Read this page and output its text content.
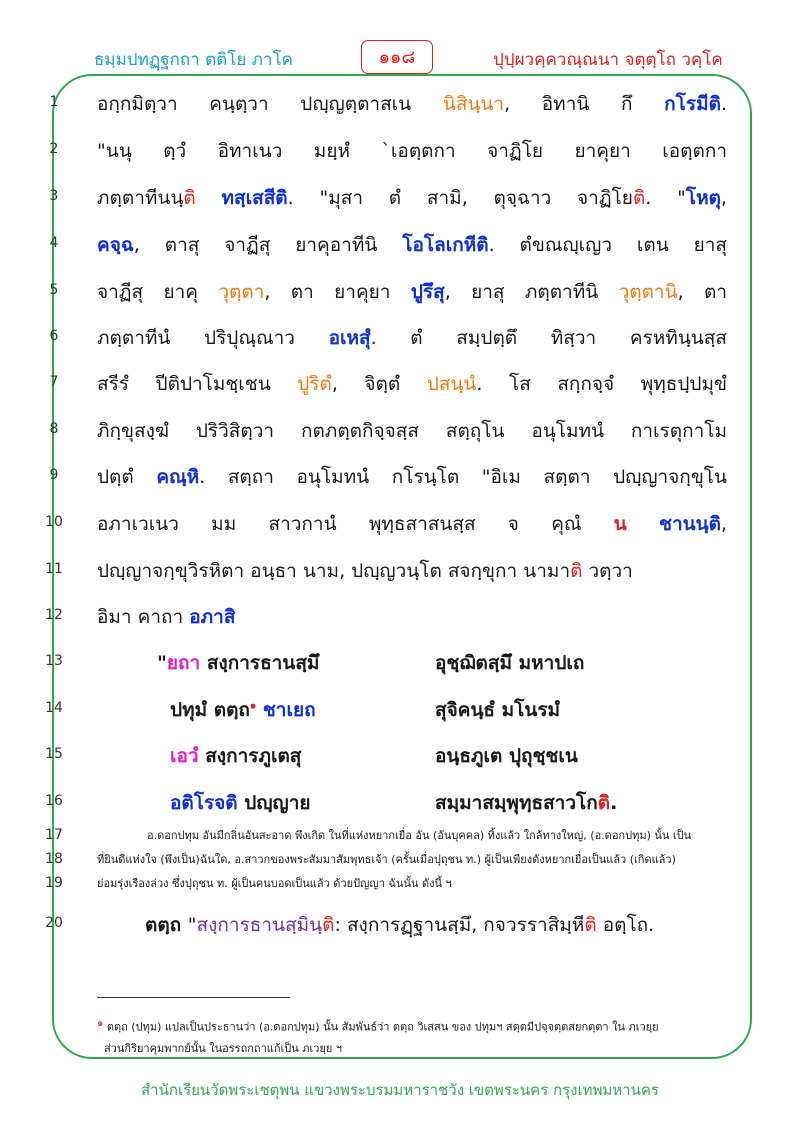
ธมฺมปทฏฺฐกถา ตติโย ภาโค	๑๑๘	ปุปฺผวคฺควณฺณนา จตุตฺโถ วคฺโค
1
2
3
4
5
6
7
8
9
10
11
12
13
14
15
16
17
18
19
20
อกฺกมิตฺวา คนฺตฺวา ปญฺญตฺตาสเน นิสินฺนา, อิทานิ กึ กโรมีติ.
"นนุ ตฺวํ อิทาเนว มยฺหํ `เอตฺตกา จาฏิโย ยาคุยา เอตฺตกา
ภตฺตาทีนนฺติ ทสฺเสสีติ. "มุสา ตํ สามิ, ตุจฺฉาว จาฏิโยติ. "โหตุ,
คจฺฉ, ตาสุ จาฏีสุ ยาคุอาทีนิ โอโลเกหีติ. ตํขณญฺเญว เตน ยาสุ
จาฏีสุ ยาคุ วุตฺตา, ตา ยาคุยา ปูรึสุ, ยาสุ ภตฺตาทีนิ วุตฺตานิ, ตา
ภตฺตาทีนํ ปริปุณฺณาว อเหสุํ. ตํ สมฺปตฺตึ ทิสฺวา ครหทินฺนสฺส
สรีรํ ปีติปาโมชฺเชน ปูริตํ, จิตฺตํ ปสนฺนํ. โส สกฺกจฺจํ พุทฺธปฺปมุขํ
ภิกฺขุสงฺฆํ ปริวิสิตฺวา กตภตฺตกิจฺจสฺส สตฺถุโน อนุโมทนํ กาเรตุกาโม
ปตฺตํ คณฺหิ. สตฺถา อนุโมทนํ กโรนฺโต "อิเม สตฺตา ปญฺญาจกฺขุโน
อภาเวเนว มม สาวกานํ พุทฺธสาสนสฺส จ คุณํ น ชานนฺติ,
ปญฺญาจกฺขุวิรหิตา อนฺธา นาม, ปญฺญวนฺโต สจกฺขุกา นามาติ วตฺวา
อิมา คาถา อภาสิ
"ยถา สงฺการธานสฺมึ	อุชฺฌิตสฺมึ มหาปเถ
ปทุมํ ตตฺถ$^๑$ ชาเยถ	สุจิคนฺธํ มโนรมํ
เอวํ สงฺการภูเตสุ	อนฺธภูเต ปุถุชฺชเน
อติโรจติ ปญฺญาย	สมฺมาสมฺพุทฺธสาวโกติ.
อ.ดอกปทุม อันมีกลิ่นอันสะอาด พึงเกิด ในที่แห่งหยากเยื่อ อัน (อันบุคคล) ทิ้งแล้ว ใกล้ทางใหญ่, (อ.ดอกปทุม) นั้น เป็น
ที่ยินดีแห่งใจ (พึงเป็น)ฉันใด, อ.สาวกของพระสัมมาสัมพุทธเจ้า (ครั้นเมื่อปุถุชน ท.) ผู้เป็นเพียงดังหยากเยื่อเป็นแล้ว (เกิดแล้ว)
ย่อมรุ่งเรืองล่วง ซึ่งปุถุชน ท. ผู้เป็นคนบอดเป็นแล้ว ด้วยปัญญา ฉันนั้น ดังนี้ ฯ
ตตฺถ "สงฺการธานสฺมินฺติ: สงฺการฏฺฐานสฺมึ, กจวรราสิมฺหีติ อตฺโถ.
$^๑$ ตตฺถ (ปทุม) แปลเป็นประธานว่า (อ.ดอกปทุม) นั้น สัมพันธ์ว่า ตตฺถ วิเสสน ของ ปทุมฯ สตฺตมีปจฺจตฺตสยกตฺตา ใน ภเวยฺย
ส่วนกิริยาคุมพากย์นั้น ในอรรถกถาแก้เป็น ภเวยฺย ฯ
สำนักเรียนวัดพระเชตุพน แขวงพระบรมมหาราชวัง เขตพระนคร กรุงเทพมหานคร
